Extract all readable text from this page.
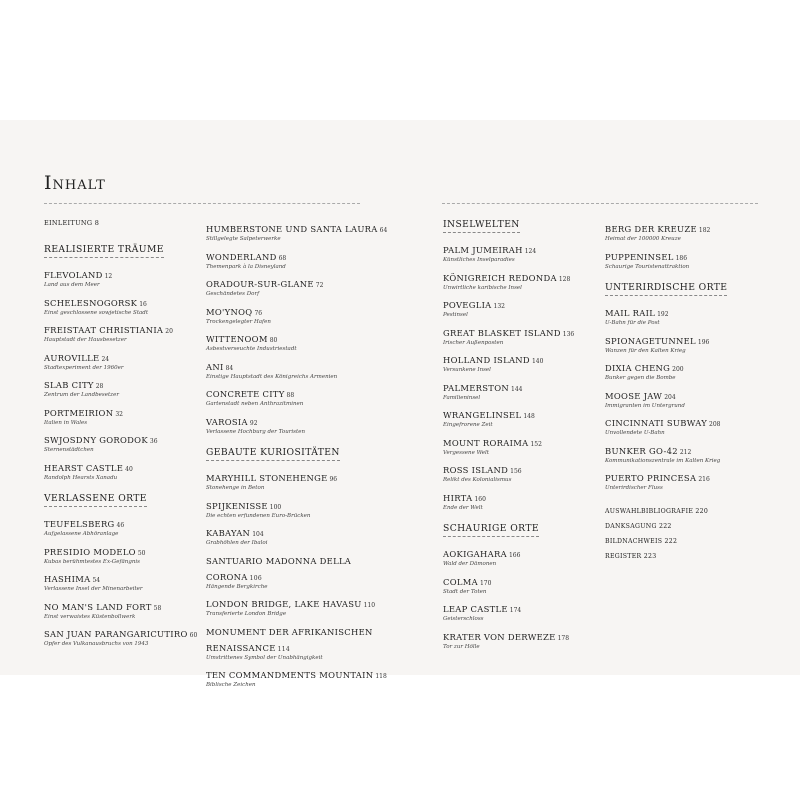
Inhalt
EINLEITUNG 8
REALISIERTE TRÄUME
FLEVOLAND 12
Land aus dem Meer
SCHELESNOGORSK 16
Einst geschlossene sowjetische Stadt
FREISTAAT CHRISTIANIA 20
Hauptstadt der Hausbesetzer
AUROVILLE 24
Stadtexperiment der 1960er
SLAB CITY 28
Zentrum der Landbesetzer
PORTMEIRION 32
Italien in Wales
SWJOSDNY GORODOK 36
Sternenstädtchen
HEARST CASTLE 40
Randolph Hearsts Xanadu
VERLASSENE ORTE
TEUFELSBERG 46
Aufgelassene Abhöranlage
PRESIDIO MODELO 50
Kubas berühmtestes Ex-Gefängnis
HASHIMA 54
Verlassene Insel der Minenarbeiter
NO MAN'S LAND FORT 58
Einst verwaistes Küstenbollwerk
SAN JUAN PARANGARICUTIRO 60
Opfer des Vulkanausbruchs von 1943
HUMBERSTONE UND SANTA LAURA 64
Stillgelegte Salpeterwerke
WONDERLAND 68
Themenpark à la Disneyland
ORADOUR-SUR-GLANE 72
Geschändetes Dorf
MO'YNOQ 76
Trockengelegter Hafen
WITTENOOM 80
Asbestverseuchte Industriestadt
ANI 84
Einstige Hauptstadt des Königreichs Armenien
CONCRETE CITY 88
Gartenstadt neben Anthrazitminen
VAROSIA 92
Verlassene Hochburg der Touristen
GEBAUTE KURIOSITÄTEN
MARYHILL STONEHENGE 96
Stonehenge in Beton
SPIJKENISSE 100
Die echten erfundenen Euro-Brücken
KABAYAN 104
Grabhöhlen der Ibaloi
SANTUARIO MADONNA DELLA CORONA 106
Hängende Bergkirche
LONDON BRIDGE, LAKE HAVASU 110
Transferierte London Bridge
MONUMENT DER AFRIKANISCHEN RENAISSANCE 114
Umstrittenes Symbol der Unabhängigkeit
TEN COMMANDMENTS MOUNTAIN 118
Biblische Zeichen
INSELWELTEN
PALM JUMEIRAH 124
Künstliches Inselparadies
KÖNIGREICH REDONDA 128
Unwirtliche karibische Insel
POVEGLIA 132
Pestinsel
GREAT BLASKET ISLAND 136
Irischer Außenposten
HOLLAND ISLAND 140
Versunkene Insel
PALMERSTON 144
Familieninsel
WRANGELINSEL 148
Eingefrorene Zeit
MOUNT RORAIMA 152
Vergessene Welt
ROSS ISLAND 156
Relikt des Kolonialismus
HIRTA 160
Ende der Welt
SCHAURIGE ORTE
AOKIGAHARA 166
Wald der Dämonen
COLMA 170
Stadt der Toten
LEAP CASTLE 174
Geisterschloss
KRATER VON DERWEZE 178
Tor zur Hölle
BERG DER KREUZE 182
Heimat der 100000 Kreuze
PUPPENINSEL 186
Schaurige Touristenattraktion
UNTERIRDISCHE ORTE
MAIL RAIL 192
U-Bahn für die Post
SPIONAGETUNNEL 196
Wanzen für den Kalten Krieg
DIXIA CHENG 200
Bunker gegen die Bombe
MOOSE JAW 204
Immigranten im Untergrund
CINCINNATI SUBWAY 208
Unvollendete U-Bahn
BUNKER GO-42 212
Kommunikationszentrale im Kalten Krieg
PUERTO PRINCESA 216
Unterirdischer Fluss
AUSWAHLBIBLIOGRAFIE 220
DANKSAGUNG 222
BILDNACHWEIS 222
REGISTER 223
